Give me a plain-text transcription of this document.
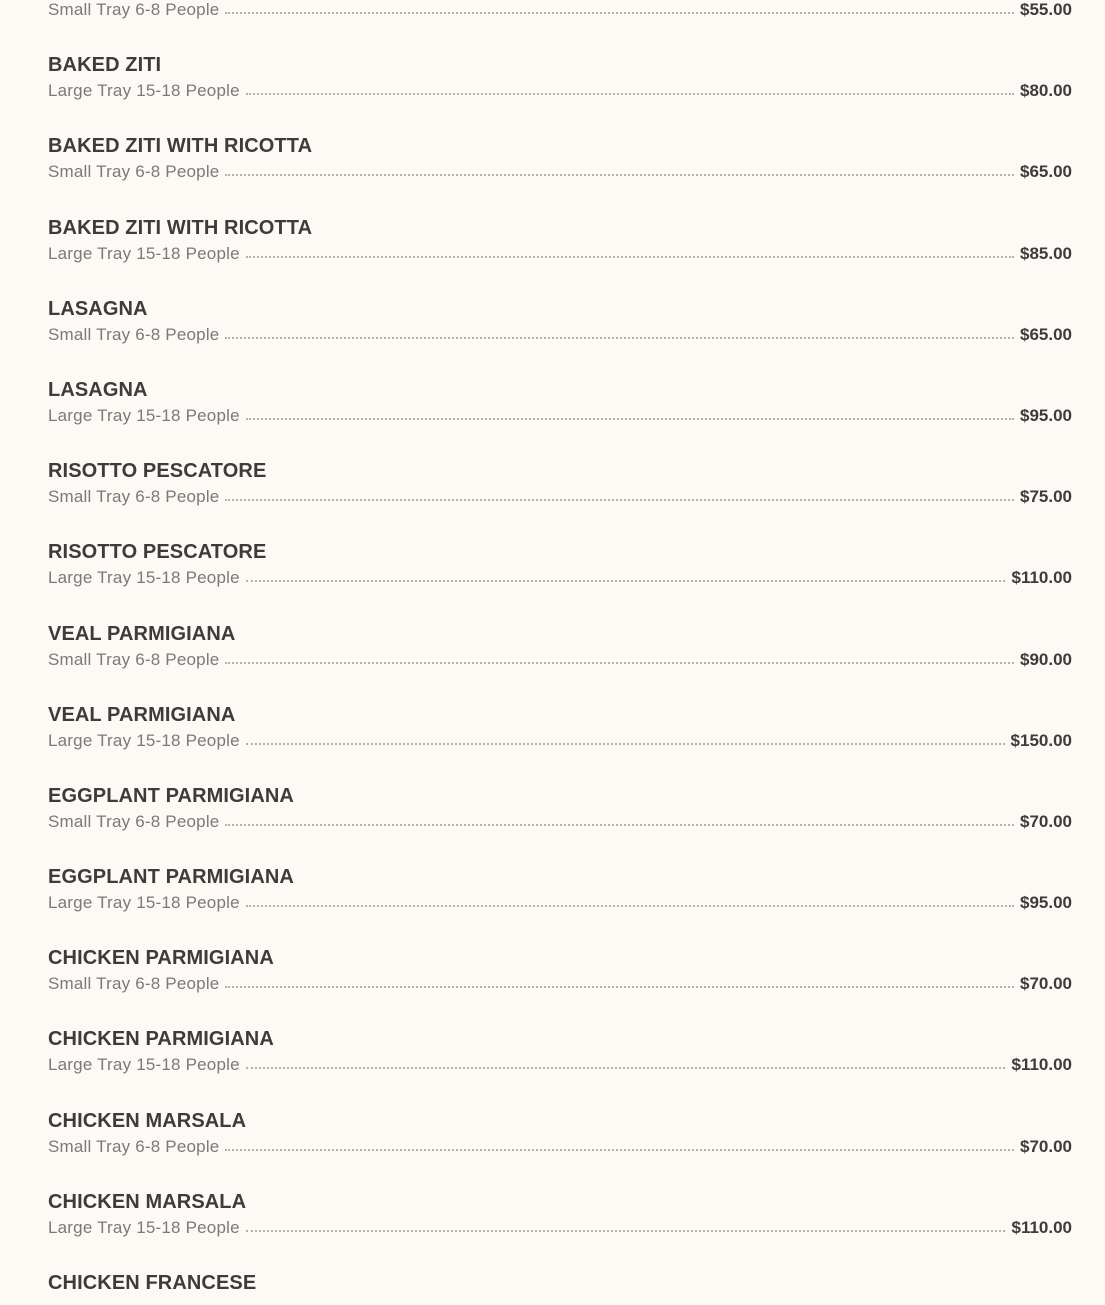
Small Tray 6-8 People	$55.00
BAKED ZITI
Large Tray 15-18 People	$80.00
BAKED ZITI WITH RICOTTA
Small Tray 6-8 People	$65.00
BAKED ZITI WITH RICOTTA
Large Tray 15-18 People	$85.00
LASAGNA
Small Tray 6-8 People	$65.00
LASAGNA
Large Tray 15-18 People	$95.00
RISOTTO PESCATORE
Small Tray 6-8 People	$75.00
RISOTTO PESCATORE
Large Tray 15-18 People	$110.00
VEAL PARMIGIANA
Small Tray 6-8 People	$90.00
VEAL PARMIGIANA
Large Tray 15-18 People	$150.00
EGGPLANT PARMIGIANA
Small Tray 6-8 People	$70.00
EGGPLANT PARMIGIANA
Large Tray 15-18 People	$95.00
CHICKEN PARMIGIANA
Small Tray 6-8 People	$70.00
CHICKEN PARMIGIANA
Large Tray 15-18 People	$110.00
CHICKEN MARSALA
Small Tray 6-8 People	$70.00
CHICKEN MARSALA
Large Tray 15-18 People	$110.00
CHICKEN FRANCESE
